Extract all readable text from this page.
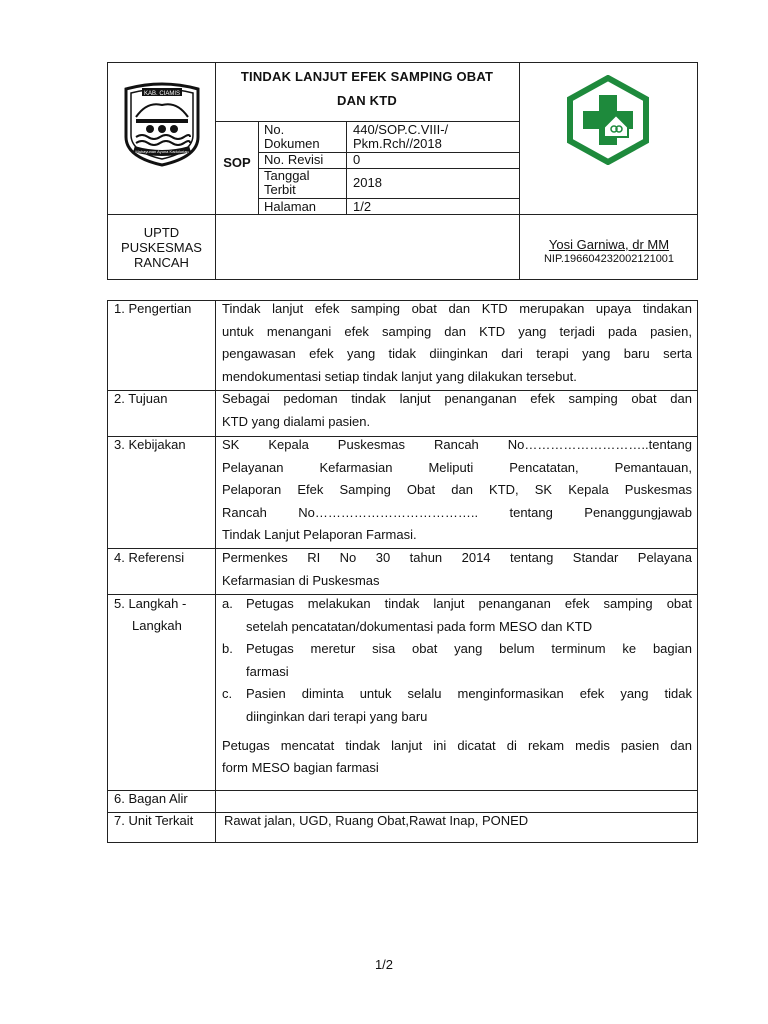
KAB. CIAMIS
Mahayunan Ayuna Kadulurian
TINDAK LANJUT EFEK SAMPING OBAT
DAN KTD
SOP
No.
Dokumen
440/SOP.C.VIII-/
Pkm.Rch//2018
No. Revisi 0
Tanggal
Terbit	2018
Halaman	1/2
UPTD
PUSKESMAS
RANCAH
Yosi Garniwa, dr MM
NIP.196604232002121001
1. Pengertian Tindak lanjut efek samping obat dan KTD merupakan upaya tindakan
untuk menangani efek samping dan KTD yang terjadi pada pasien,
pengawasan efek yang tidak diinginkan dari terapi yang baru serta
mendokumentasi setiap tindak lanjut yang dilakukan tersebut.
2. Tujuan	Sebagai pedoman tindak lanjut penanganan efek samping obat dan
KTD yang dialami pasien.
3. Kebijakan	SK Kepala Puskesmas Rancah No………………………..tentang
Pelayanan Kefarmasian Meliputi Pencatatan, Pemantauan,
Pelaporan Efek Samping Obat dan KTD, SK Kepala Puskesmas
Rancah No……………………………….. tentang Penanggungjawab
Tindak Lanjut Pelaporan Farmasi.
4. Referensi	Permenkes RI No 30 tahun 2014 tentang Standar Pelayana
Kefarmasian di Puskesmas
5. Langkah -
Langkah
a. Petugas melakukan tindak lanjut penanganan efek samping obat
setelah pencatatan/dokumentasi pada form MESO dan KTD
b. Petugas meretur sisa obat yang belum terminum ke bagian
farmasi
c. Pasien diminta untuk selalu menginformasikan efek yang tidak
diinginkan dari terapi yang baru
Petugas mencatat tindak lanjut ini dicatat di rekam medis pasien dan
form MESO bagian farmasi
6. Bagan Alir
7. Unit Terkait Rawat jalan, UGD, Ruang Obat,Rawat Inap, PONED
1/2
